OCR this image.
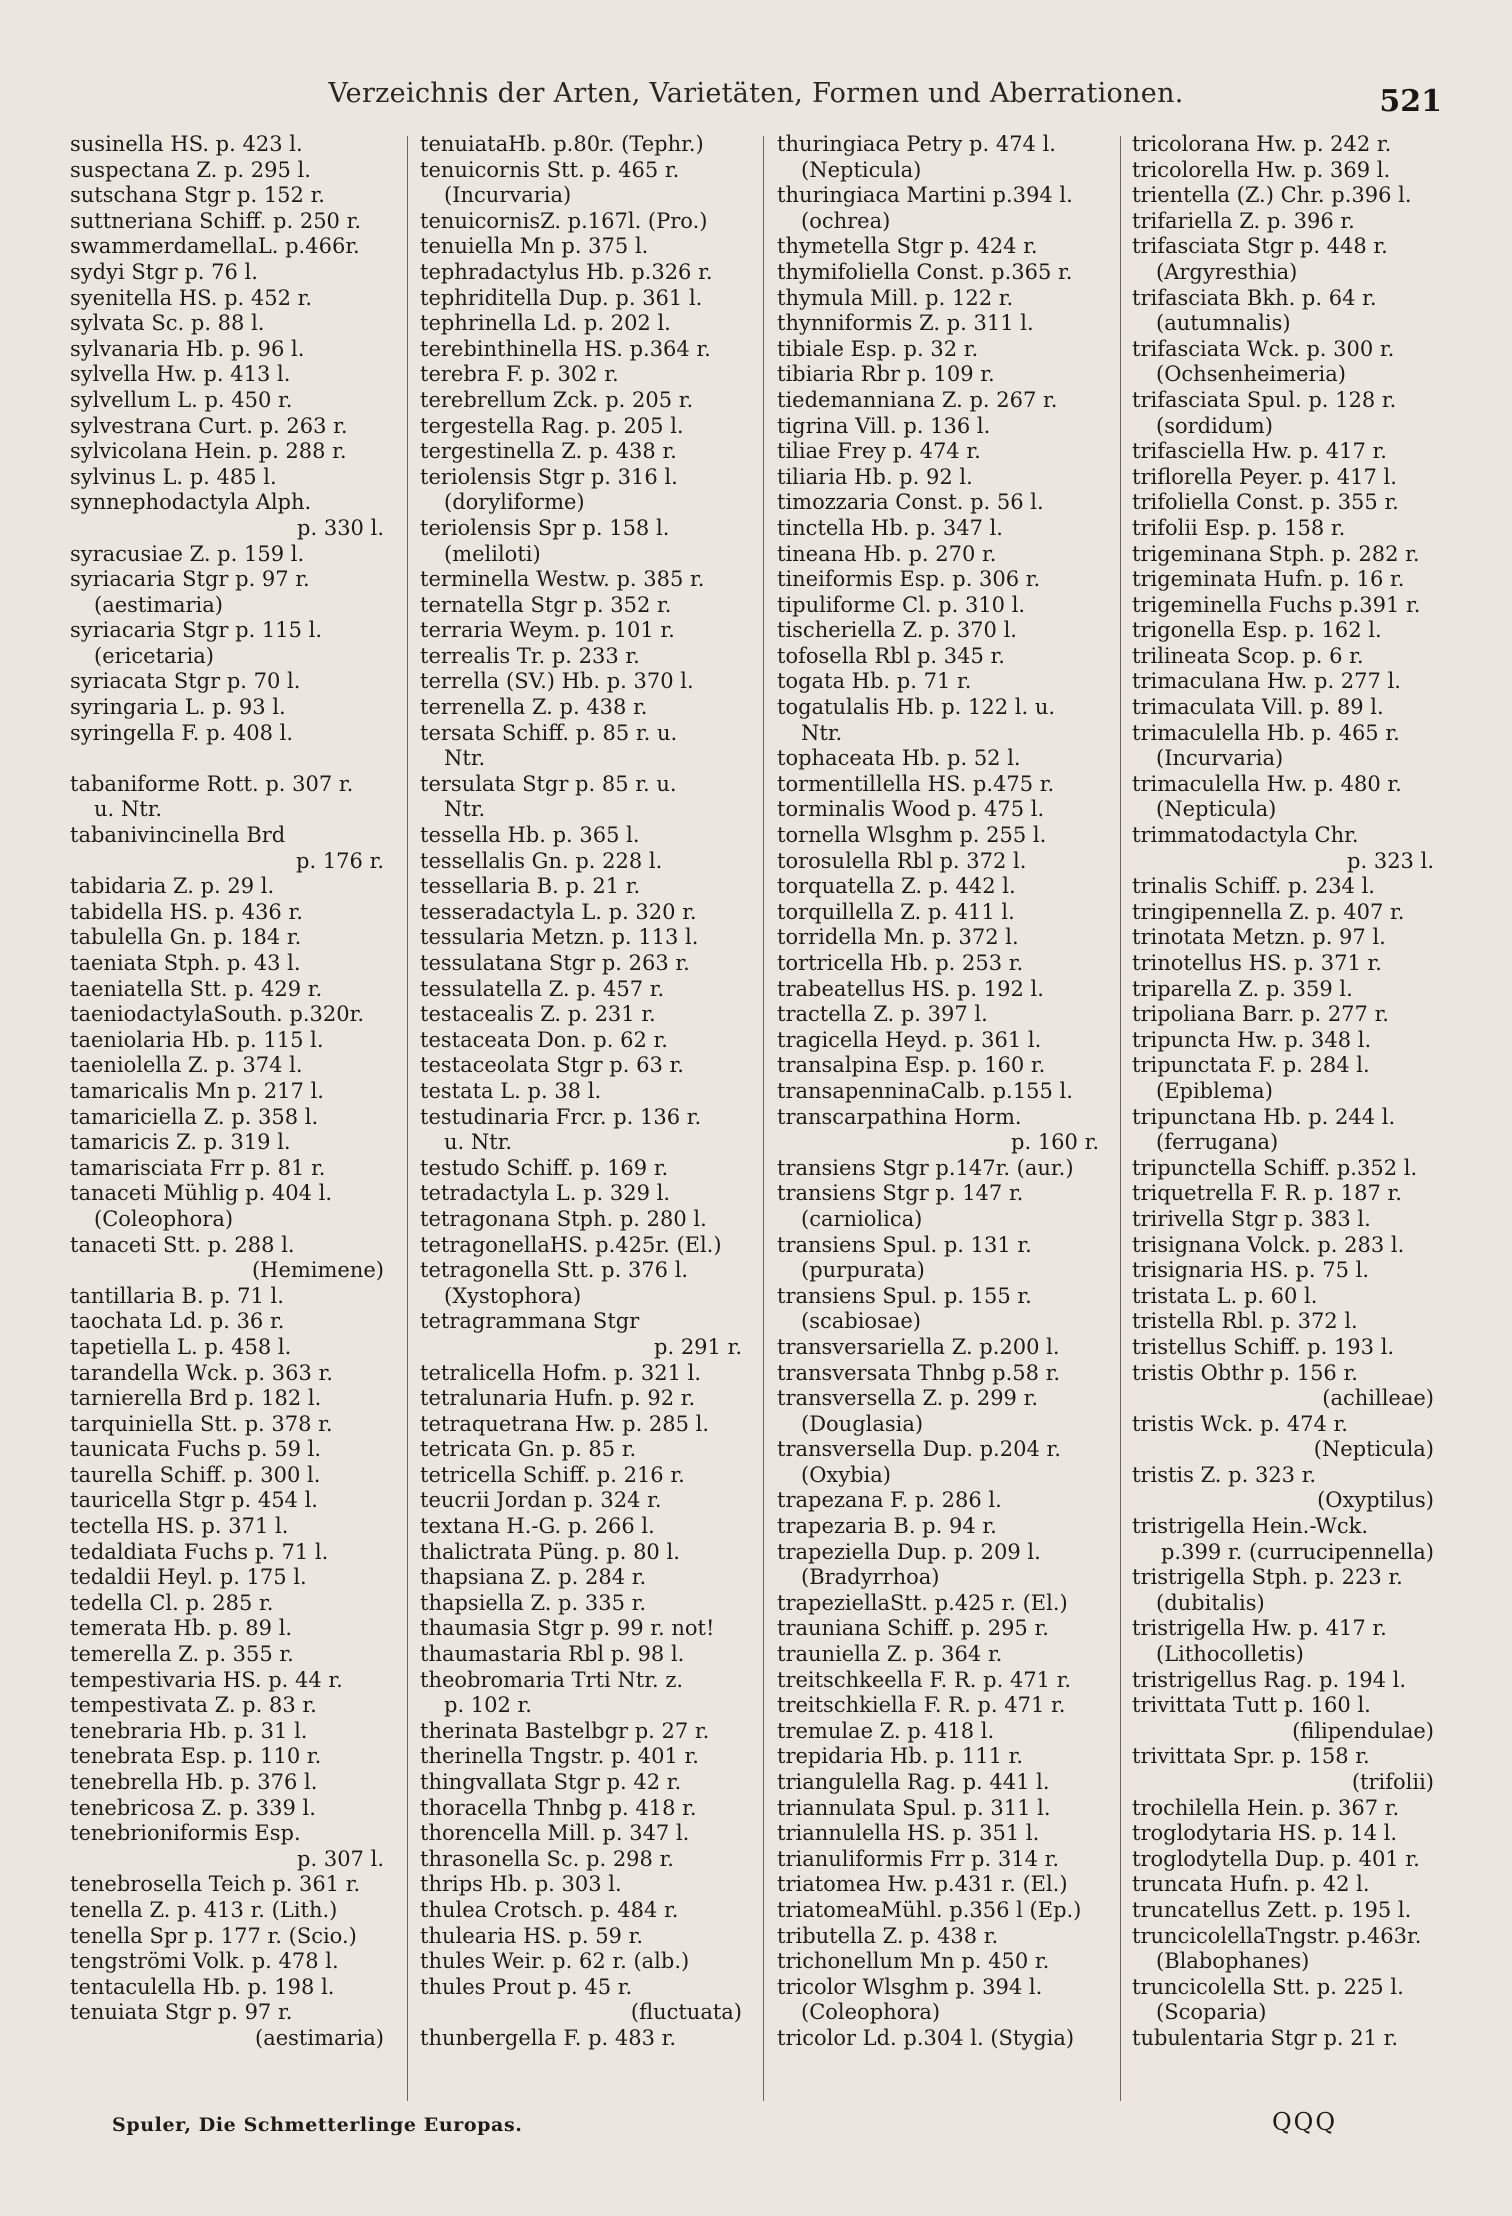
Verzeichnis der Arten, Varietäten, Formen und Aberrationen.	521
susinella HS. p. 423 l.
suspectana Z. p. 295 l.
sutschana Stgr p. 152 r.
suttneriana Schiff. p. 250 r.
swammerdamellaL. p.466r.
sydyi Stgr p. 76 l.
syenitella HS. p. 452 r.
sylvata Sc. p. 88 l.
sylvanaria Hb. p. 96 l.
sylvella Hw. p. 413 l.
sylvellum L. p. 450 r.
sylvestrana Curt. p. 263 r.
sylvicolana Hein. p. 288 r.
sylvinus L. p. 485 l.
synnephodactyla Alph.
p. 330 l.
syracusiae Z. p. 159 l.
syriacaria Stgr p. 97 r.
(aestimaria)
syriacaria Stgr p. 115 l.
(ericetaria)
syriacata Stgr p. 70 l.
syringaria L. p. 93 l.
syringella F. p. 408 l.
tabaniforme Rott. p. 307 r.
u. Ntr.
tabanivincinella Brd
p. 176 r.
tabidaria Z. p. 29 l.
tabidella HS. p. 436 r.
tabulella Gn. p. 184 r.
taeniata Stph. p. 43 l.
taeniatella Stt. p. 429 r.
taeniodactylaSouth. p.320r.
taeniolaria Hb. p. 115 l.
taeniolella Z. p. 374 l.
tamaricalis Mn p. 217 l.
tamariciella Z. p. 358 l.
tamaricis Z. p. 319 l.
tamarisciata Frr p. 81 r.
tanaceti Mühlig p. 404 l.
(Coleophora)
tanaceti Stt. p. 288 l.
(Hemimene)
tantillaria B. p. 71 l.
taochata Ld. p. 36 r.
tapetiella L. p. 458 l.
tarandella Wck. p. 363 r.
tarnierella Brd p. 182 l.
tarquiniella Stt. p. 378 r.
taunicata Fuchs p. 59 l.
taurella Schiff. p. 300 l.
tauricella Stgr p. 454 l.
tectella HS. p. 371 l.
tedaldiata Fuchs p. 71 l.
tedaldii Heyl. p. 175 l.
tedella Cl. p. 285 r.
temerata Hb. p. 89 l.
temerella Z. p. 355 r.
tempestivaria HS. p. 44 r.
tempestivata Z. p. 83 r.
tenebraria Hb. p. 31 l.
tenebrata Esp. p. 110 r.
tenebrella Hb. p. 376 l.
tenebricosa Z. p. 339 l.
tenebrioniformis Esp.
p. 307 l.
tenebrosella Teich p. 361 r.
tenella Z. p. 413 r. (Lith.)
tenella Spr p. 177 r. (Scio.)
tengströmi Volk. p. 478 l.
tentaculella Hb. p. 198 l.
tenuiata Stgr p. 97 r.
(aestimaria)
tenuiataHb. p.80r. (Tephr.)
tenuicornis Stt. p. 465 r.
(Incurvaria)
tenuicornisZ. p.167l. (Pro.)
tenuiella Mn p. 375 l.
tephradactylus Hb. p.326 r.
tephriditella Dup. p. 361 l.
tephrinella Ld. p. 202 l.
terebinthinella HS. p.364 r.
terebra F. p. 302 r.
terebrellum Zck. p. 205 r.
tergestella Rag. p. 205 l.
tergestinella Z. p. 438 r.
teriolensis Stgr p. 316 l.
(doryliforme)
teriolensis Spr p. 158 l.
(meliloti)
terminella Westw. p. 385 r.
ternatella Stgr p. 352 r.
terraria Weym. p. 101 r.
terrealis Tr. p. 233 r.
terrella (SV.) Hb. p. 370 l.
terrenella Z. p. 438 r.
tersata Schiff. p. 85 r. u.
Ntr.
tersulata Stgr p. 85 r. u.
Ntr.
tessella Hb. p. 365 l.
tessellalis Gn. p. 228 l.
tessellaria B. p. 21 r.
tesseradactyla L. p. 320 r.
tessularia Metzn. p. 113 l.
tessulatana Stgr p. 263 r.
tessulatella Z. p. 457 r.
testacealis Z. p. 231 r.
testaceata Don. p. 62 r.
testaceolata Stgr p. 63 r.
testata L. p. 38 l.
testudinaria Frcr. p. 136 r.
u. Ntr.
testudo Schiff. p. 169 r.
tetradactyla L. p. 329 l.
tetragonana Stph. p. 280 l.
tetragonellaHS. p.425r. (El.)
tetragonella Stt. p. 376 l.
(Xystophora)
tetragrammana Stgr
p. 291 r.
tetralicella Hofm. p. 321 l.
tetralunaria Hufn. p. 92 r.
tetraquetrana Hw. p. 285 l.
tetricata Gn. p. 85 r.
tetricella Schiff. p. 216 r.
teucrii Jordan p. 324 r.
textana H.-G. p. 266 l.
thalictrata Püng. p. 80 l.
thapsiana Z. p. 284 r.
thapsiella Z. p. 335 r.
thaumasia Stgr p. 99 r. not!
thaumastaria Rbl p. 98 l.
theobromaria Trti Ntr. z.
p. 102 r.
therinata Bastelbgr p. 27 r.
therinella Tngstr. p. 401 r.
thingvallata Stgr p. 42 r.
thoracella Thnbg p. 418 r.
thorencella Mill. p. 347 l.
thrasonella Sc. p. 298 r.
thrips Hb. p. 303 l.
thulea Crotsch. p. 484 r.
thulearia HS. p. 59 r.
thules Weir. p. 62 r. (alb.)
thules Prout p. 45 r.
(fluctuata)
thunbergella F. p. 483 r.
thuringiaca Petry p. 474 l.
(Nepticula)
thuringiaca Martini p.394 l.
(ochrea)
thymetella Stgr p. 424 r.
thymifoliella Const. p.365 r.
thymula Mill. p. 122 r.
thynniformis Z. p. 311 l.
tibiale Esp. p. 32 r.
tibiaria Rbr p. 109 r.
tiedemanniana Z. p. 267 r.
tigrina Vill. p. 136 l.
tiliae Frey p. 474 r.
tiliaria Hb. p. 92 l.
timozzaria Const. p. 56 l.
tinctella Hb. p. 347 l.
tineana Hb. p. 270 r.
tineiformis Esp. p. 306 r.
tipuliforme Cl. p. 310 l.
tischeriella Z. p. 370 l.
tofosella Rbl p. 345 r.
togata Hb. p. 71 r.
togatulalis Hb. p. 122 l. u.
Ntr.
tophaceata Hb. p. 52 l.
tormentillella HS. p.475 r.
torminalis Wood p. 475 l.
tornella Wlsghm p. 255 l.
torosulella Rbl p. 372 l.
torquatella Z. p. 442 l.
torquillella Z. p. 411 l.
torridella Mn. p. 372 l.
tortricella Hb. p. 253 r.
trabeatellus HS. p. 192 l.
tractella Z. p. 397 l.
tragicella Heyd. p. 361 l.
transalpina Esp. p. 160 r.
transapenninaCalb. p.155 l.
transcarpathina Horm.
p. 160 r.
transiens Stgr p.147r. (aur.)
transiens Stgr p. 147 r.
(carniolica)
transiens Spul. p. 131 r.
(purpurata)
transiens Spul. p. 155 r.
(scabiosae)
transversariella Z. p.200 l.
transversata Thnbg p.58 r.
transversella Z. p. 299 r.
(Douglasia)
transversella Dup. p.204 r.
(Oxybia)
trapezana F. p. 286 l.
trapezaria B. p. 94 r.
trapeziella Dup. p. 209 l.
(Bradyrrhoa)
trapeziellaStt. p.425 r. (El.)
trauniana Schiff. p. 295 r.
trauniella Z. p. 364 r.
treitschkeella F. R. p. 471 r.
treitschkiella F. R. p. 471 r.
tremulae Z. p. 418 l.
trepidaria Hb. p. 111 r.
triangulella Rag. p. 441 l.
triannulata Spul. p. 311 l.
triannulella HS. p. 351 l.
trianuliformis Frr p. 314 r.
triatomea Hw. p.431 r. (El.)
triatomeaMühl. p.356 l (Ep.)
tributella Z. p. 438 r.
trichonellum Mn p. 450 r.
tricolor Wlsghm p. 394 l.
(Coleophora)
tricolor Ld. p.304 l. (Stygia)
tricolorana Hw. p. 242 r.
tricolorella Hw. p. 369 l.
trientella (Z.) Chr. p.396 l.
trifariella Z. p. 396 r.
trifasciata Stgr p. 448 r.
(Argyresthia)
trifasciata Bkh. p. 64 r.
(autumnalis)
trifasciata Wck. p. 300 r.
(Ochsenheimeria)
trifasciata Spul. p. 128 r.
(sordidum)
trifasciella Hw. p. 417 r.
triflorella Peyer. p. 417 l.
trifoliella Const. p. 355 r.
trifolii Esp. p. 158 r.
trigeminana Stph. p. 282 r.
trigeminata Hufn. p. 16 r.
trigeminella Fuchs p.391 r.
trigonella Esp. p. 162 l.
trilineata Scop. p. 6 r.
trimaculana Hw. p. 277 l.
trimaculata Vill. p. 89 l.
trimaculella Hb. p. 465 r.
(Incurvaria)
trimaculella Hw. p. 480 r.
(Nepticula)
trimmatodactyla Chr.
p. 323 l.
trinalis Schiff. p. 234 l.
tringipennella Z. p. 407 r.
trinotata Metzn. p. 97 l.
trinotellus HS. p. 371 r.
triparella Z. p. 359 l.
tripoliana Barr. p. 277 r.
tripuncta Hw. p. 348 l.
tripunctata F. p. 284 l.
(Epiblema)
tripunctana Hb. p. 244 l.
(ferrugana)
tripunctella Schiff. p.352 l.
triquetrella F. R. p. 187 r.
tririvella Stgr p. 383 l.
trisignana Volck. p. 283 l.
trisignaria HS. p. 75 l.
tristata L. p. 60 l.
tristella Rbl. p. 372 l.
tristellus Schiff. p. 193 l.
tristis Obthr p. 156 r.
(achilleae)
tristis Wck. p. 474 r.
(Nepticula)
tristis Z. p. 323 r.
(Oxyptilus)
tristrigella Hein.-Wck.
p.399 r. (currucipennella)
tristrigella Stph. p. 223 r.
(dubitalis)
tristrigella Hw. p. 417 r.
(Lithocolletis)
tristrigellus Rag. p. 194 l.
trivittata Tutt p. 160 l.
(filipendulae)
trivittata Spr. p. 158 r.
(trifolii)
trochilella Hein. p. 367 r.
troglodytaria HS. p. 14 l.
troglodytella Dup. p. 401 r.
truncata Hufn. p. 42 l.
truncatellus Zett. p. 195 l.
truncicolellaTngstr. p.463r.
(Blabophanes)
truncicolella Stt. p. 225 l.
(Scoparia)
tubulentaria Stgr p. 21 r.
Spuler, Die Schmetterlinge Europas.	QQQ
